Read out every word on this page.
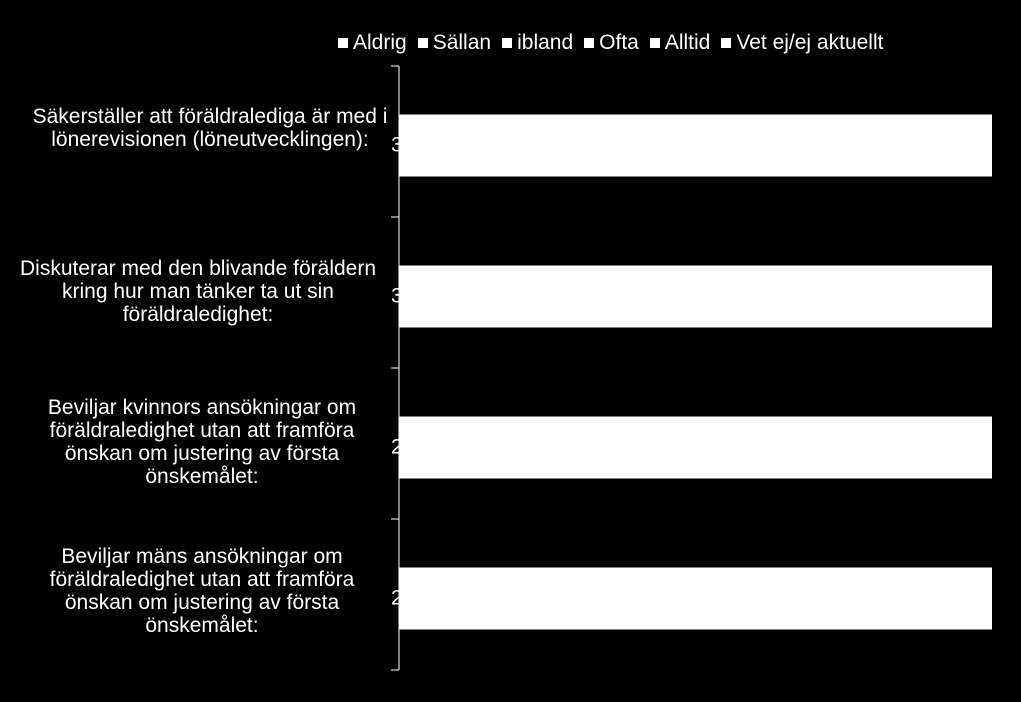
3
3
2
2
Aldrig Sällan ibland Ofta Alltid Vet ej/ej aktuellt
Säkerställer att föräldralediga är med i lönerevisionen (löneutvecklingen):
Diskuterar med den blivande föräldern kring hur man tänker ta ut sin föräldraledighet:
Beviljar kvinnors ansökningar om föräldraledighet utan att framföra önskan om justering av första önskemålet:
Beviljar mäns ansökningar om föräldraledighet utan att framföra önskan om justering av första önskemålet:
